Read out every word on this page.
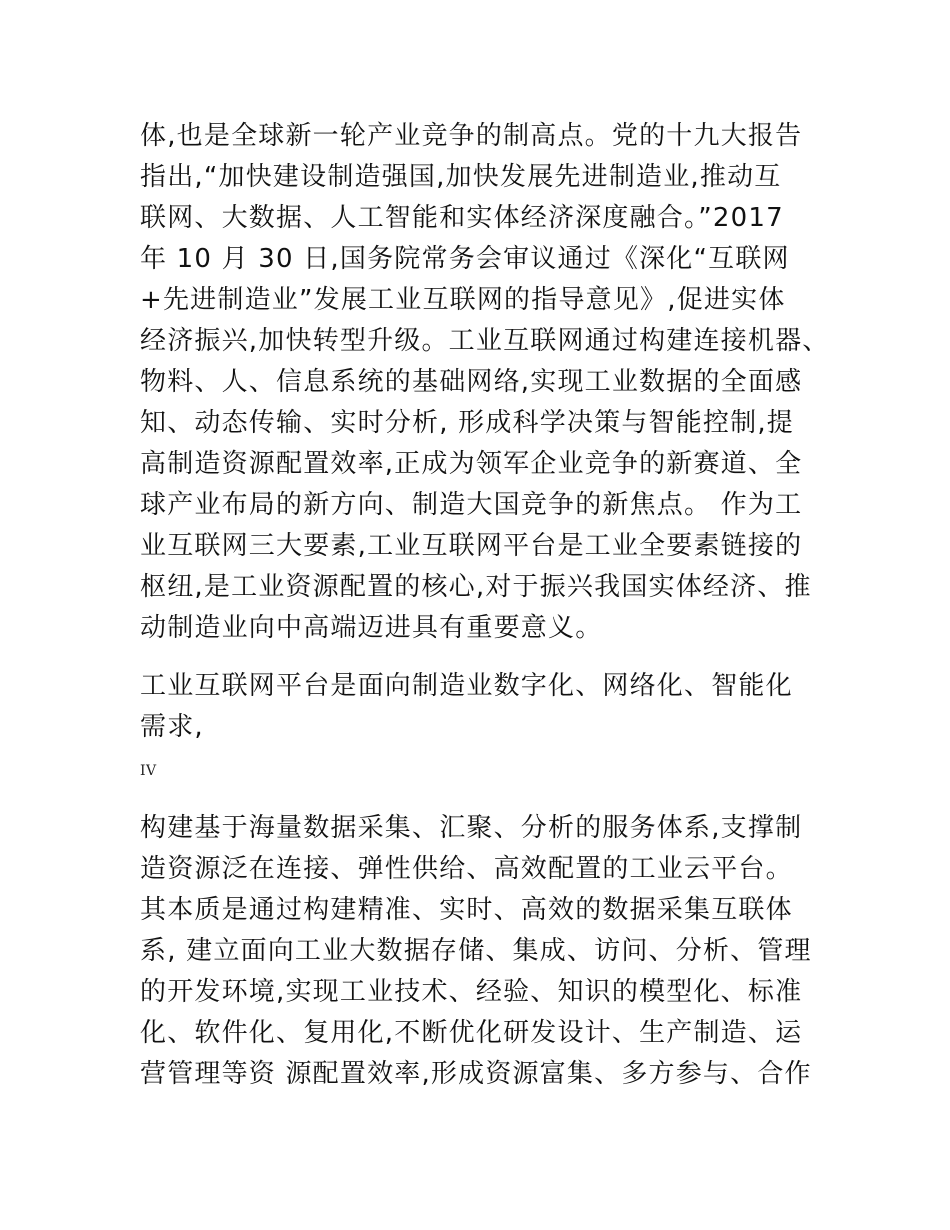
体,也是全球新一轮产业竞争的制高点。党的十九大报告

指出,“加快建设制造强国,加快发展先进制造业,推动互

联网、大数据、人工智能和实体经济深度融合。”2017

年 10 月 30 日,国务院常务会审议通过《深化“互联网

+先进制造业”发展工业互联网的指导意见》,促进实体

经济振兴,加快转型升级。工业互联网通过构建连接机器、

物料、人、信息系统的基础网络,实现工业数据的全面感

知、动态传输、实时分析, 形成科学决策与智能控制,提

高制造资源配置效率,正成为领军企业竞争的新赛道、全

球产业布局的新方向、制造大国竞争的新焦点。 作为工

业互联网三大要素,工业互联网平台是工业全要素链接的

枢纽,是工业资源配置的核心,对于振兴我国实体经济、推

动制造业向中高端迈进具有重要意义。

工业互联网平台是面向制造业数字化、网络化、智能化

需求,

IV

构建基于海量数据采集、汇聚、分析的服务体系,支撑制

造资源泛在连接、弹性供给、高效配置的工业云平台。

其本质是通过构建精准、实时、高效的数据采集互联体

系, 建立面向工业大数据存储、集成、访问、分析、管理

的开发环境,实现工业技术、经验、知识的模型化、标准

化、软件化、复用化,不断优化研发设计、生产制造、运

营管理等资 源配置效率,形成资源富集、多方参与、合作
